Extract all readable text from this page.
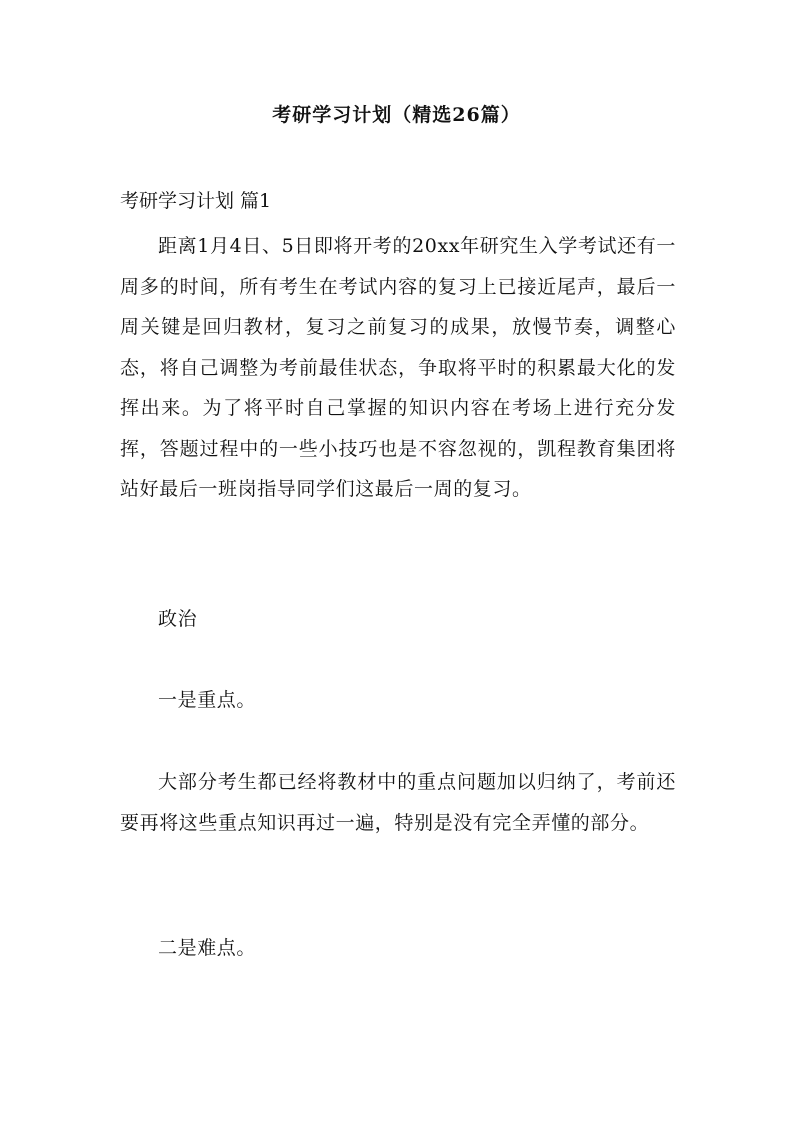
考研学习计划（精选26篇）
考研学习计划 篇1

距离1月4日、5日即将开考的20xx年研究生入学考试还有一周多的时间，所有考生在考试内容的复习上已接近尾声，最后一周关键是回归教材，复习之前复习的成果，放慢节奏，调整心态，将自己调整为考前最佳状态，争取将平时的积累最大化的发挥出来。为了将平时自己掌握的知识内容在考场上进行充分发挥，答题过程中的一些小技巧也是不容忽视的，凯程教育集团将站好最后一班岗指导同学们这最后一周的复习。

政治

一是重点。

大部分考生都已经将教材中的重点问题加以归纳了，考前还要再将这些重点知识再过一遍，特别是没有完全弄懂的部分。

二是难点。
